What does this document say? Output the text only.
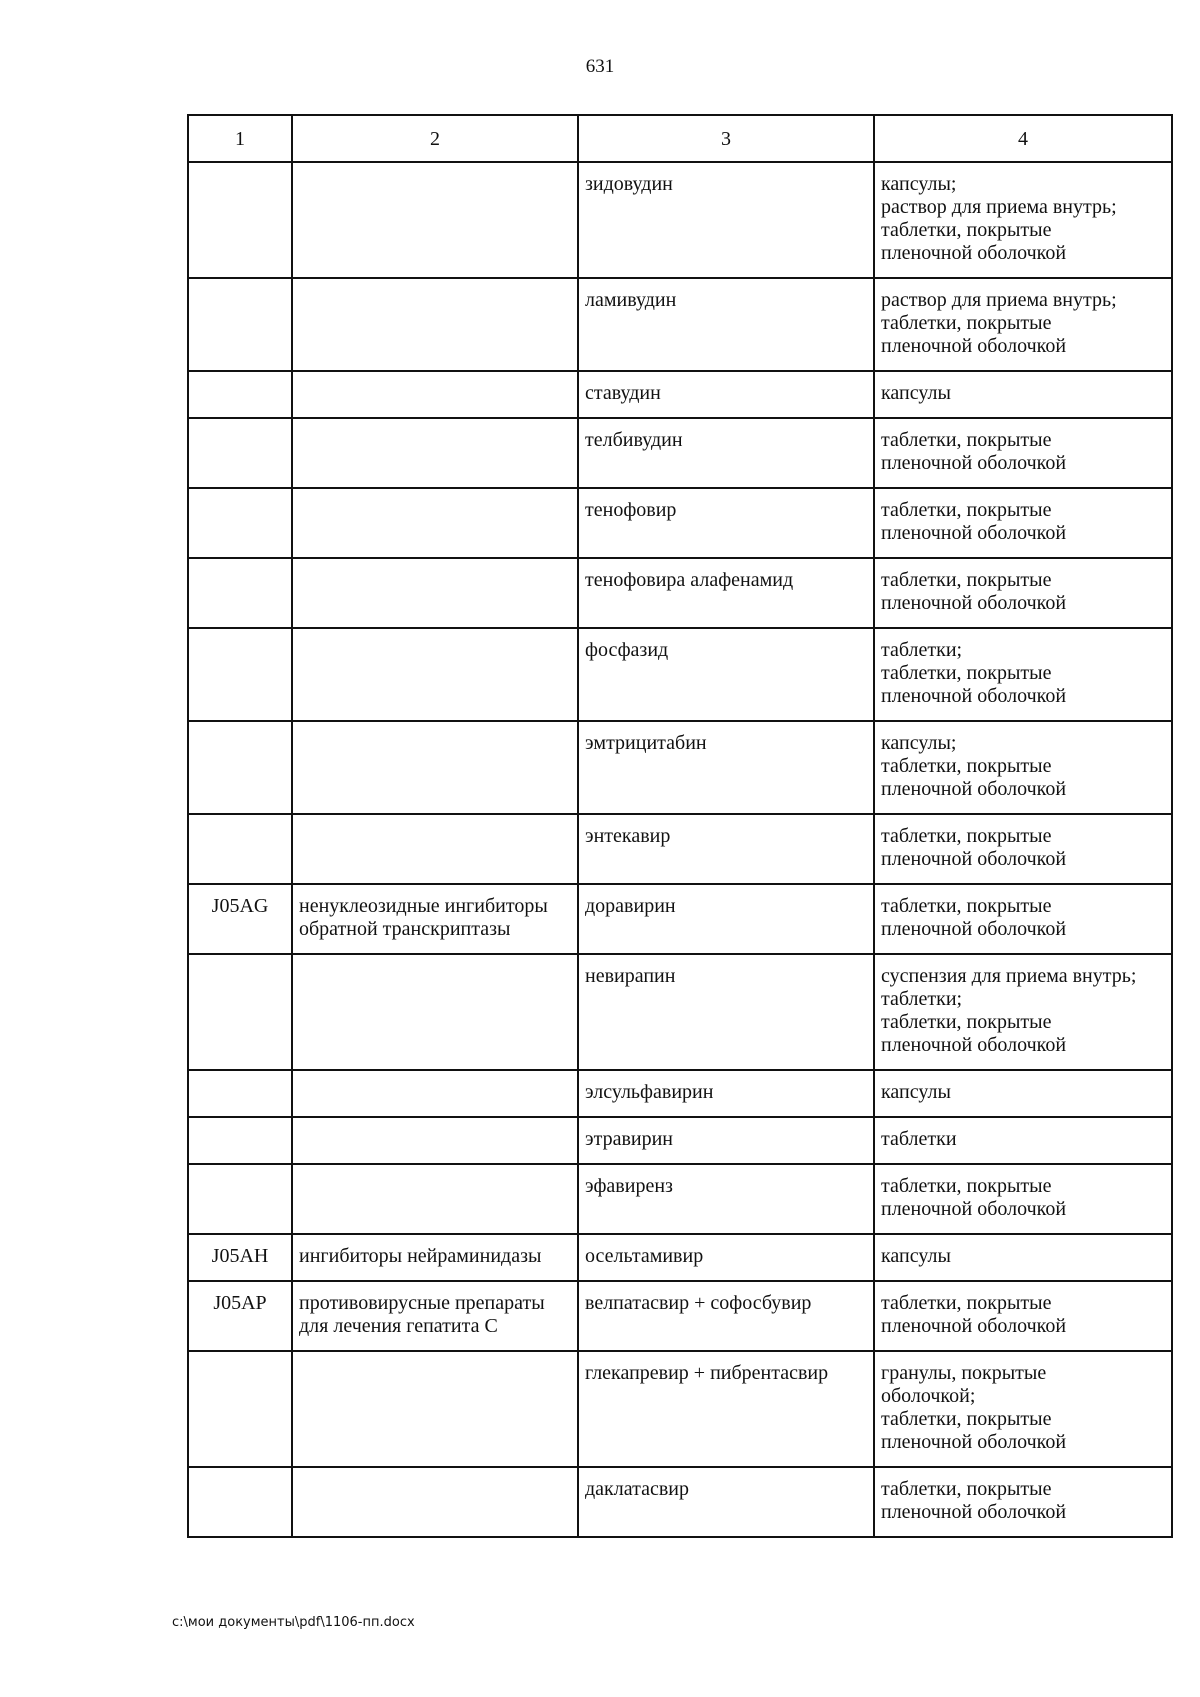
631
1	2	3	4
		зидовудин	капсулы;
раствор для приема внутрь;
таблетки, покрытые
пленочной оболочкой

		ламивудин	раствор для приема внутрь;
таблетки, покрытые
пленочной оболочкой

		ставудин	капсулы

		телбивудин	таблетки, покрытые
пленочной оболочкой

		тенофовир	таблетки, покрытые
пленочной оболочкой

		тенофовира алафенамид	таблетки, покрытые
пленочной оболочкой

		фосфазид	таблетки;
таблетки, покрытые
пленочной оболочкой

		эмтрицитабин	капсулы;
таблетки, покрытые
пленочной оболочкой

		энтекавир	таблетки, покрытые
пленочной оболочкой

J05AG	ненуклеозидные ингибиторы обратной транскриптазы	доравирин	таблетки, покрытые
пленочной оболочкой

		невирапин	суспензия для приема внутрь;
таблетки;
таблетки, покрытые
пленочной оболочкой

		элсульфавирин	капсулы

		этравирин	таблетки

		эфавиренз	таблетки, покрытые
пленочной оболочкой

J05AH	ингибиторы нейраминидазы	осельтамивир	капсулы

J05AP	противовирусные препараты для лечения гепатита C	велпатасвир + софосбувир	таблетки, покрытые
пленочной оболочкой

		глекапревир + пибрентасвир	гранулы, покрытые
оболочкой;
таблетки, покрытые
пленочной оболочкой

		даклатасвир	таблетки, покрытые
пленочной оболочкой
c:\мои документы\pdf\1106-пп.docx
